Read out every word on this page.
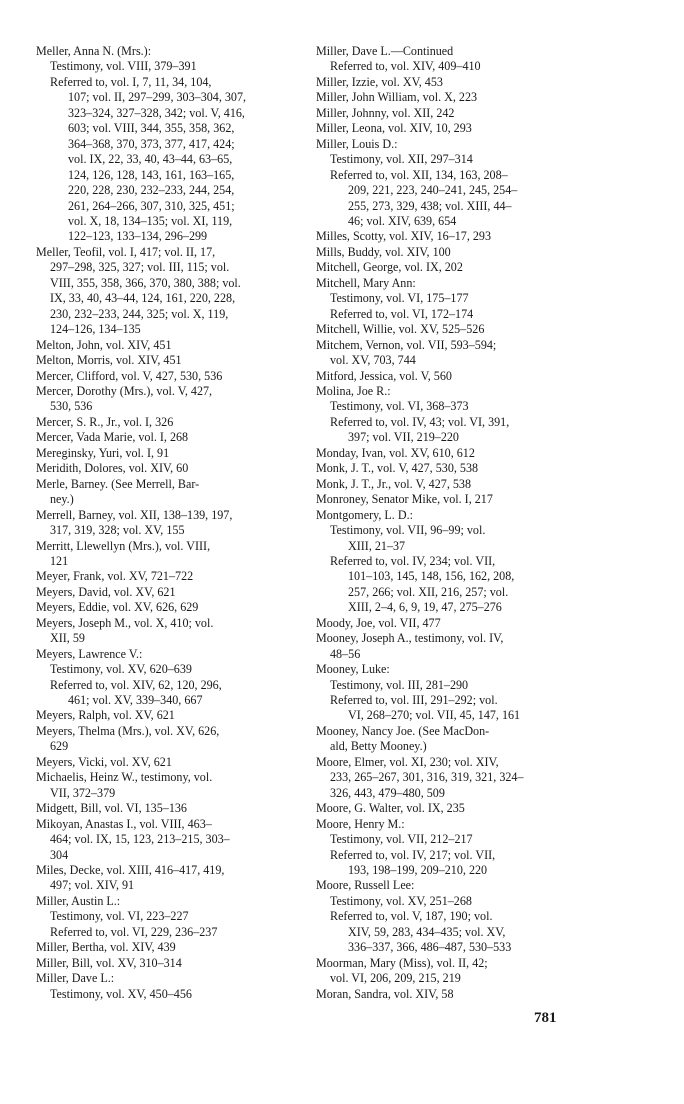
Meller, Anna N. (Mrs.):
Testimony, vol. VIII, 379–391
Referred to, vol. I, 7, 11, 34, 104,
107; vol. II, 297–299, 303–304, 307,
323–324, 327–328, 342; vol. V, 416,
603; vol. VIII, 344, 355, 358, 362,
364–368, 370, 373, 377, 417, 424;
vol. IX, 22, 33, 40, 43–44, 63–65,
124, 126, 128, 143, 161, 163–165,
220, 228, 230, 232–233, 244, 254,
261, 264–266, 307, 310, 325, 451;
vol. X, 18, 134–135; vol. XI, 119,
122–123, 133–134, 296–299
Meller, Teofil, vol. I, 417; vol. II, 17,
297–298, 325, 327; vol. III, 115; vol.
VIII, 355, 358, 366, 370, 380, 388; vol.
IX, 33, 40, 43–44, 124, 161, 220, 228,
230, 232–233, 244, 325; vol. X, 119,
124–126, 134–135
Melton, John, vol. XIV, 451
Melton, Morris, vol. XIV, 451
Mercer, Clifford, vol. V, 427, 530, 536
Mercer, Dorothy (Mrs.), vol. V, 427,
530, 536
Mercer, S. R., Jr., vol. I, 326
Mercer, Vada Marie, vol. I, 268
Mereginsky, Yuri, vol. I, 91
Meridith, Dolores, vol. XIV, 60
Merle, Barney. (See Merrell, Bar-
ney.)
Merrell, Barney, vol. XII, 138–139, 197,
317, 319, 328; vol. XV, 155
Merritt, Llewellyn (Mrs.), vol. VIII,
121
Meyer, Frank, vol. XV, 721–722
Meyers, David, vol. XV, 621
Meyers, Eddie, vol. XV, 626, 629
Meyers, Joseph M., vol. X, 410; vol.
XII, 59
Meyers, Lawrence V.:
Testimony, vol. XV, 620–639
Referred to, vol. XIV, 62, 120, 296,
461; vol. XV, 339–340, 667
Meyers, Ralph, vol. XV, 621
Meyers, Thelma (Mrs.), vol. XV, 626,
629
Meyers, Vicki, vol. XV, 621
Michaelis, Heinz W., testimony, vol.
VII, 372–379
Midgett, Bill, vol. VI, 135–136
Mikoyan, Anastas I., vol. VIII, 463–
464; vol. IX, 15, 123, 213–215, 303–
304
Miles, Decke, vol. XIII, 416–417, 419,
497; vol. XIV, 91
Miller, Austin L.:
Testimony, vol. VI, 223–227
Referred to, vol. VI, 229, 236–237
Miller, Bertha, vol. XIV, 439
Miller, Bill, vol. XV, 310–314
Miller, Dave L.:
Testimony, vol. XV, 450–456
Miller, Dave L.—Continued
Referred to, vol. XIV, 409–410
Miller, Izzie, vol. XV, 453
Miller, John William, vol. X, 223
Miller, Johnny, vol. XII, 242
Miller, Leona, vol. XIV, 10, 293
Miller, Louis D.:
Testimony, vol. XII, 297–314
Referred to, vol. XII, 134, 163, 208–
209, 221, 223, 240–241, 245, 254–
255, 273, 329, 438; vol. XIII, 44–
46; vol. XIV, 639, 654
Milles, Scotty, vol. XIV, 16–17, 293
Mills, Buddy, vol. XIV, 100
Mitchell, George, vol. IX, 202
Mitchell, Mary Ann:
Testimony, vol. VI, 175–177
Referred to, vol. VI, 172–174
Mitchell, Willie, vol. XV, 525–526
Mitchem, Vernon, vol. VII, 593–594;
vol. XV, 703, 744
Mitford, Jessica, vol. V, 560
Molina, Joe R.:
Testimony, vol. VI, 368–373
Referred to, vol. IV, 43; vol. VI, 391,
397; vol. VII, 219–220
Monday, Ivan, vol. XV, 610, 612
Monk, J. T., vol. V, 427, 530, 538
Monk, J. T., Jr., vol. V, 427, 538
Monroney, Senator Mike, vol. I, 217
Montgomery, L. D.:
Testimony, vol. VII, 96–99; vol.
XIII, 21–37
Referred to, vol. IV, 234; vol. VII,
101–103, 145, 148, 156, 162, 208,
257, 266; vol. XII, 216, 257; vol.
XIII, 2–4, 6, 9, 19, 47, 275–276
Moody, Joe, vol. VII, 477
Mooney, Joseph A., testimony, vol. IV,
48–56
Mooney, Luke:
Testimony, vol. III, 281–290
Referred to, vol. III, 291–292; vol.
VI, 268–270; vol. VII, 45, 147, 161
Mooney, Nancy Joe. (See MacDon-
ald, Betty Mooney.)
Moore, Elmer, vol. XI, 230; vol. XIV,
233, 265–267, 301, 316, 319, 321, 324–
326, 443, 479–480, 509
Moore, G. Walter, vol. IX, 235
Moore, Henry M.:
Testimony, vol. VII, 212–217
Referred to, vol. IV, 217; vol. VII,
193, 198–199, 209–210, 220
Moore, Russell Lee:
Testimony, vol. XV, 251–268
Referred to, vol. V, 187, 190; vol.
XIV, 59, 283, 434–435; vol. XV,
336–337, 366, 486–487, 530–533
Moorman, Mary (Miss), vol. II, 42;
vol. VI, 206, 209, 215, 219
Moran, Sandra, vol. XIV, 58
781
